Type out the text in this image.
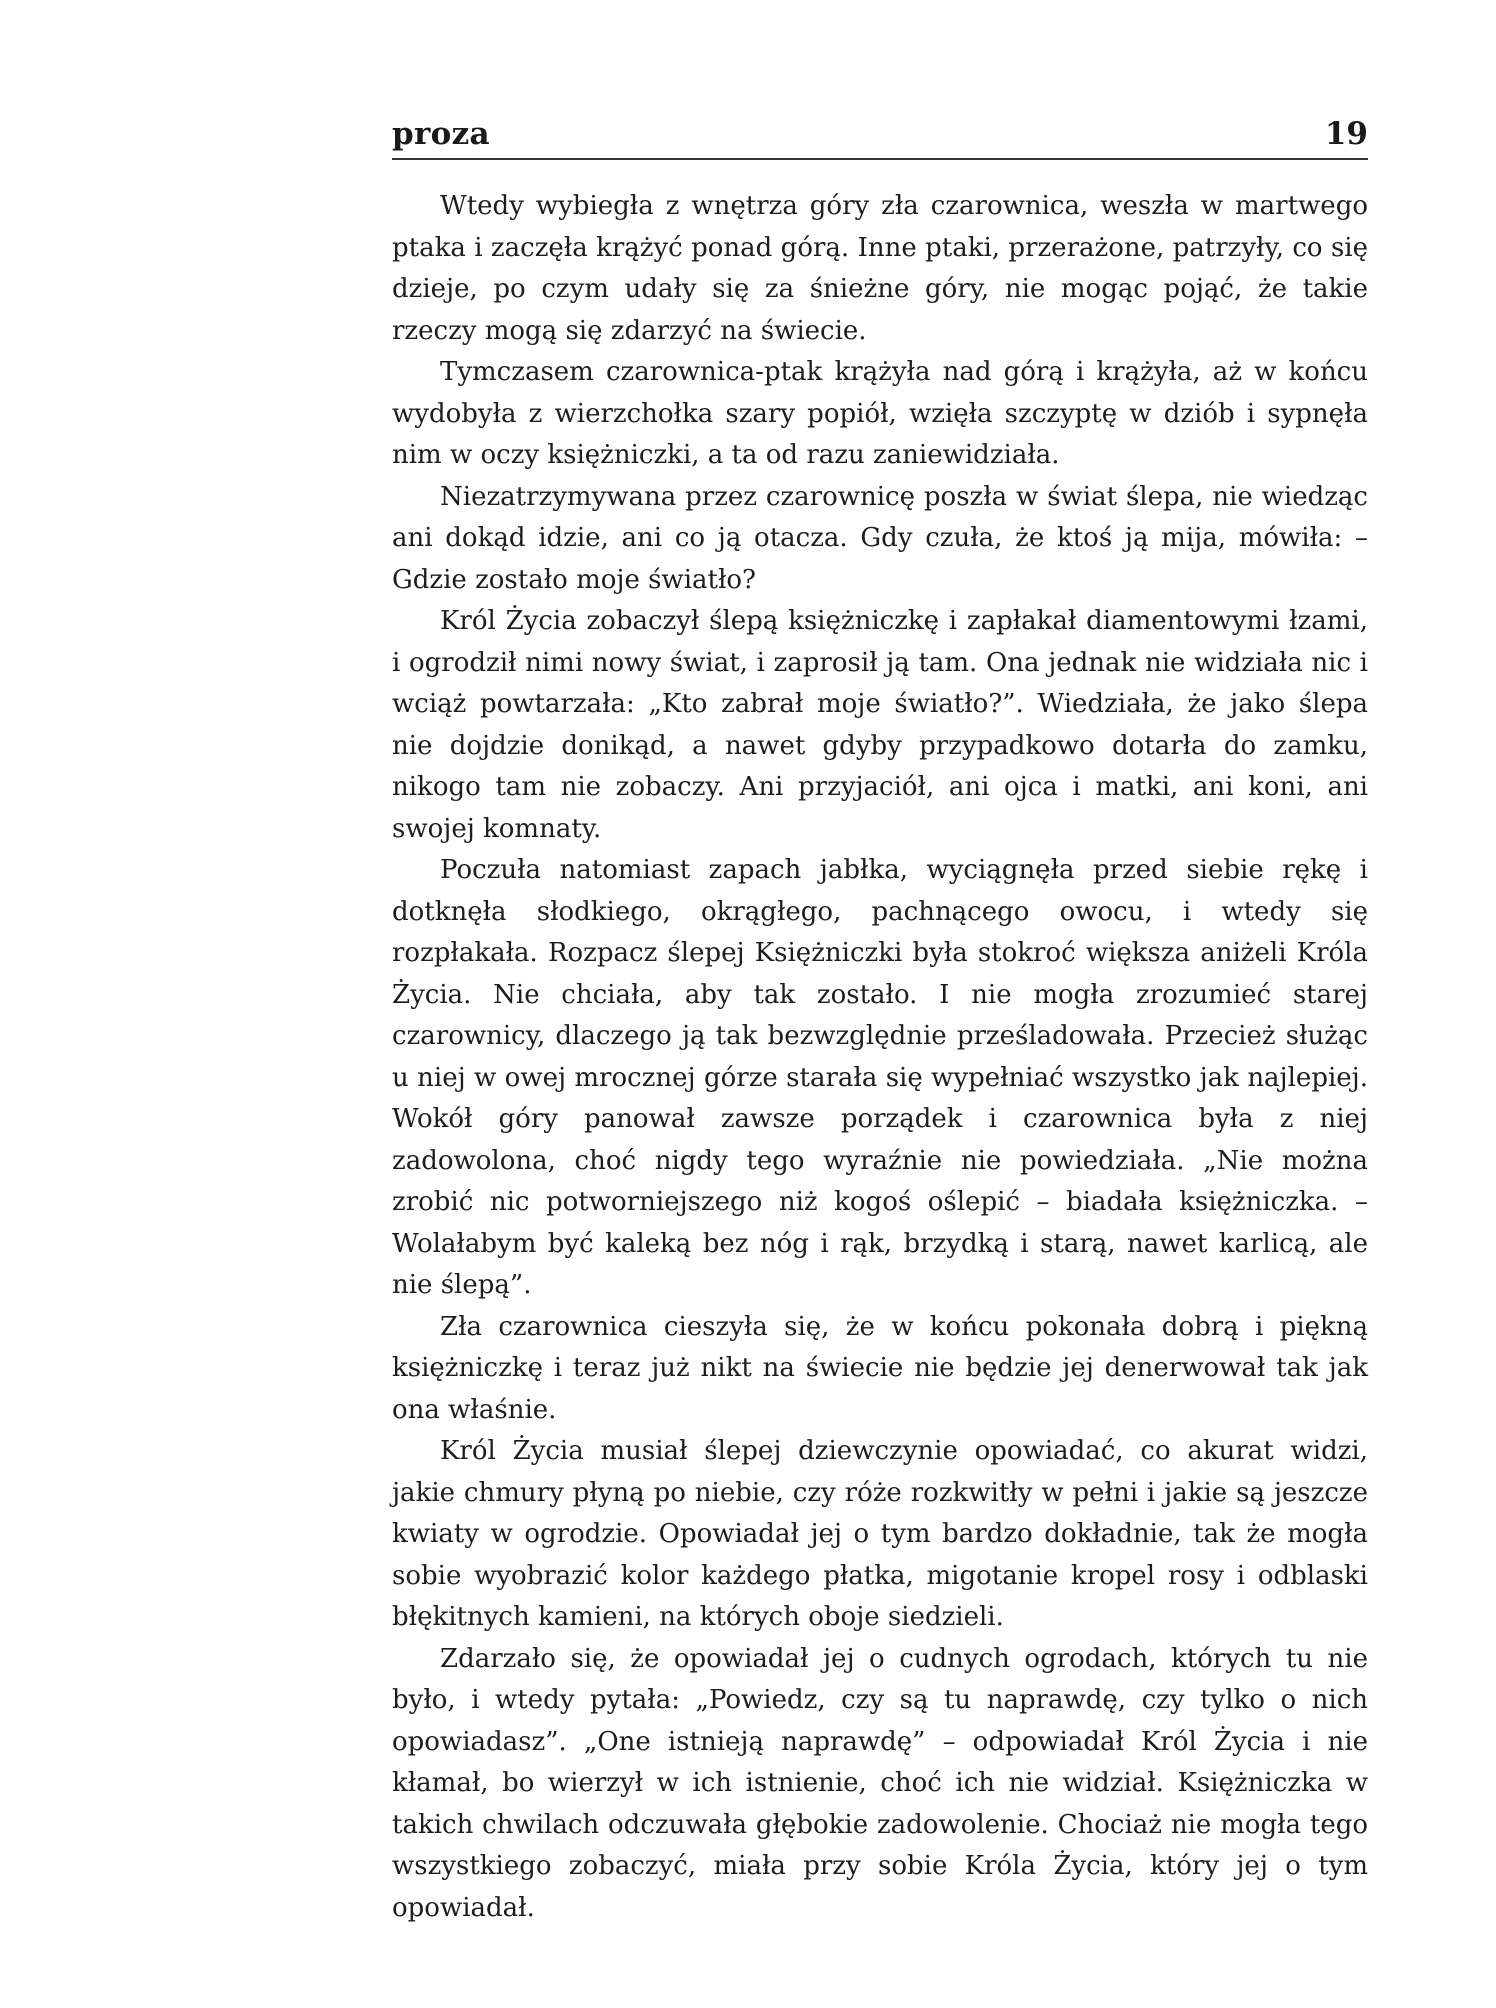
proza	19

Wtedy wybiegła z wnętrza góry zła czarownica, weszła w martwego ptaka i zaczęła krążyć ponad górą. Inne ptaki, przerażone, patrzyły, co się dzieje, po czym udały się za śnieżne góry, nie mogąc pojąć, że takie rzeczy mogą się zdarzyć na świecie.

Tymczasem czarownica-ptak krążyła nad górą i krążyła, aż w końcu wydobyła z wierzchołka szary popiół, wzięła szczyptę w dziób i sypnęła nim w oczy księżniczki, a ta od razu zaniewidziała.

Niezatrzymywana przez czarownicę poszła w świat ślepa, nie wiedząc ani dokąd idzie, ani co ją otacza. Gdy czuła, że ktoś ją mija, mówiła: – Gdzie zostało moje światło?

Król Życia zobaczył ślepą księżniczkę i zapłakał diamentowymi łzami, i ogrodził nimi nowy świat, i zaprosił ją tam. Ona jednak nie widziała nic i wciąż powtarzała: „Kto zabrał moje światło?”. Wiedziała, że jako ślepa nie dojdzie donikąd, a nawet gdyby przypadkowo dotarła do zamku, nikogo tam nie zobaczy. Ani przyjaciół, ani ojca i matki, ani koni, ani swojej komnaty.

Poczuła natomiast zapach jabłka, wyciągnęła przed siebie rękę i dotknęła słodkiego, okrągłego, pachnącego owocu, i wtedy się rozpłakała. Rozpacz ślepej Księżniczki była stokroć większa aniżeli Króla Życia. Nie chciała, aby tak zostało. I nie mogła zrozumieć starej czarownicy, dlaczego ją tak bezwzględnie prześladowała. Przecież służąc u niej w owej mrocznej górze starała się wypełniać wszystko jak najlepiej. Wokół góry panował zawsze porządek i czarownica była z niej zadowolona, choć nigdy tego wyraźnie nie powiedziała. „Nie można zrobić nic potworniejszego niż kogoś oślepić – biadała księżniczka. – Wolałabym być kaleką bez nóg i rąk, brzydką i starą, nawet karlicą, ale nie ślepą”.

Zła czarownica cieszyła się, że w końcu pokonała dobrą i piękną księżniczkę i teraz już nikt na świecie nie będzie jej denerwował tak jak ona właśnie.

Król Życia musiał ślepej dziewczynie opowiadać, co akurat widzi, jakie chmury płyną po niebie, czy róże rozkwitły w pełni i jakie są jeszcze kwiaty w ogrodzie. Opowiadał jej o tym bardzo dokładnie, tak że mogła sobie wyobrazić kolor każdego płatka, migotanie kropel rosy i odblaski błękitnych kamieni, na których oboje siedzieli.

Zdarzało się, że opowiadał jej o cudnych ogrodach, których tu nie było, i wtedy pytała: „Powiedz, czy są tu naprawdę, czy tylko o nich opowiadasz”. „One istnieją naprawdę” – odpowiadał Król Życia i nie kłamał, bo wierzył w ich istnienie, choć ich nie widział. Księżniczka w takich chwilach odczuwała głębokie zadowolenie. Chociaż nie mogła tego wszystkiego zobaczyć, miała przy sobie Króla Życia, który jej o tym opowiadał.
